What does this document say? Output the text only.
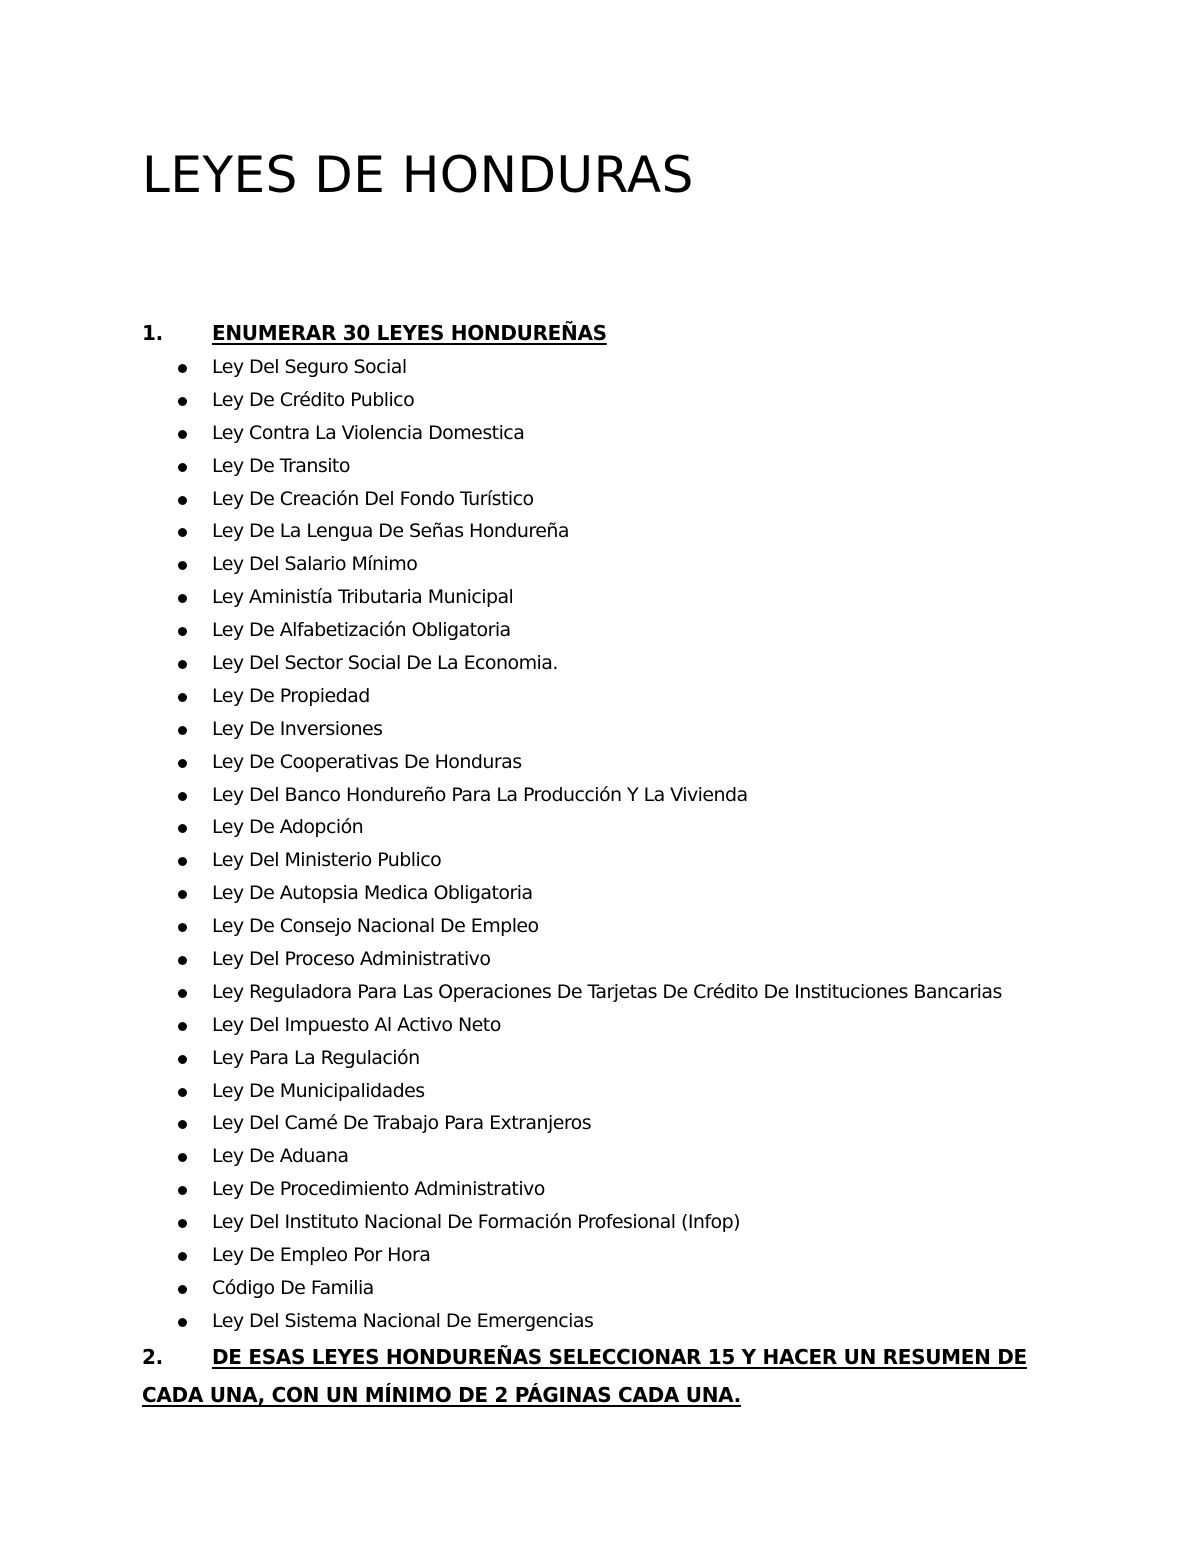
LEYES DE HONDURAS
1. ENUMERAR 30 LEYES HONDUREÑAS
Ley Del Seguro Social
Ley De Crédito Publico
Ley Contra La Violencia Domestica
Ley De Transito
Ley De Creación Del Fondo Turístico
Ley De La Lengua De Señas Hondureña
Ley Del Salario Mínimo
Ley Aministía Tributaria Municipal
Ley De Alfabetización Obligatoria
Ley Del Sector Social De La Economia.
Ley De Propiedad
Ley De Inversiones
Ley De Cooperativas De Honduras
Ley Del Banco Hondureño Para La Producción Y La Vivienda
Ley De Adopción
Ley Del Ministerio Publico
Ley De Autopsia Medica Obligatoria
Ley De Consejo Nacional De Empleo
Ley Del Proceso Administrativo
Ley Reguladora Para Las Operaciones De Tarjetas De Crédito De Instituciones Bancarias
Ley Del Impuesto Al Activo Neto
Ley Para La Regulación
Ley De Municipalidades
Ley Del Camé De Trabajo Para Extranjeros
Ley De Aduana
Ley De Procedimiento Administrativo
Ley Del Instituto Nacional De Formación Profesional (Infop)
Ley De Empleo Por Hora
Código De Familia
Ley Del Sistema Nacional De Emergencias
2. DE ESAS LEYES HONDUREÑAS SELECCIONAR 15 Y HACER UN RESUMEN DE CADA UNA, CON UN MÍNIMO DE 2 PÁGINAS CADA UNA.
